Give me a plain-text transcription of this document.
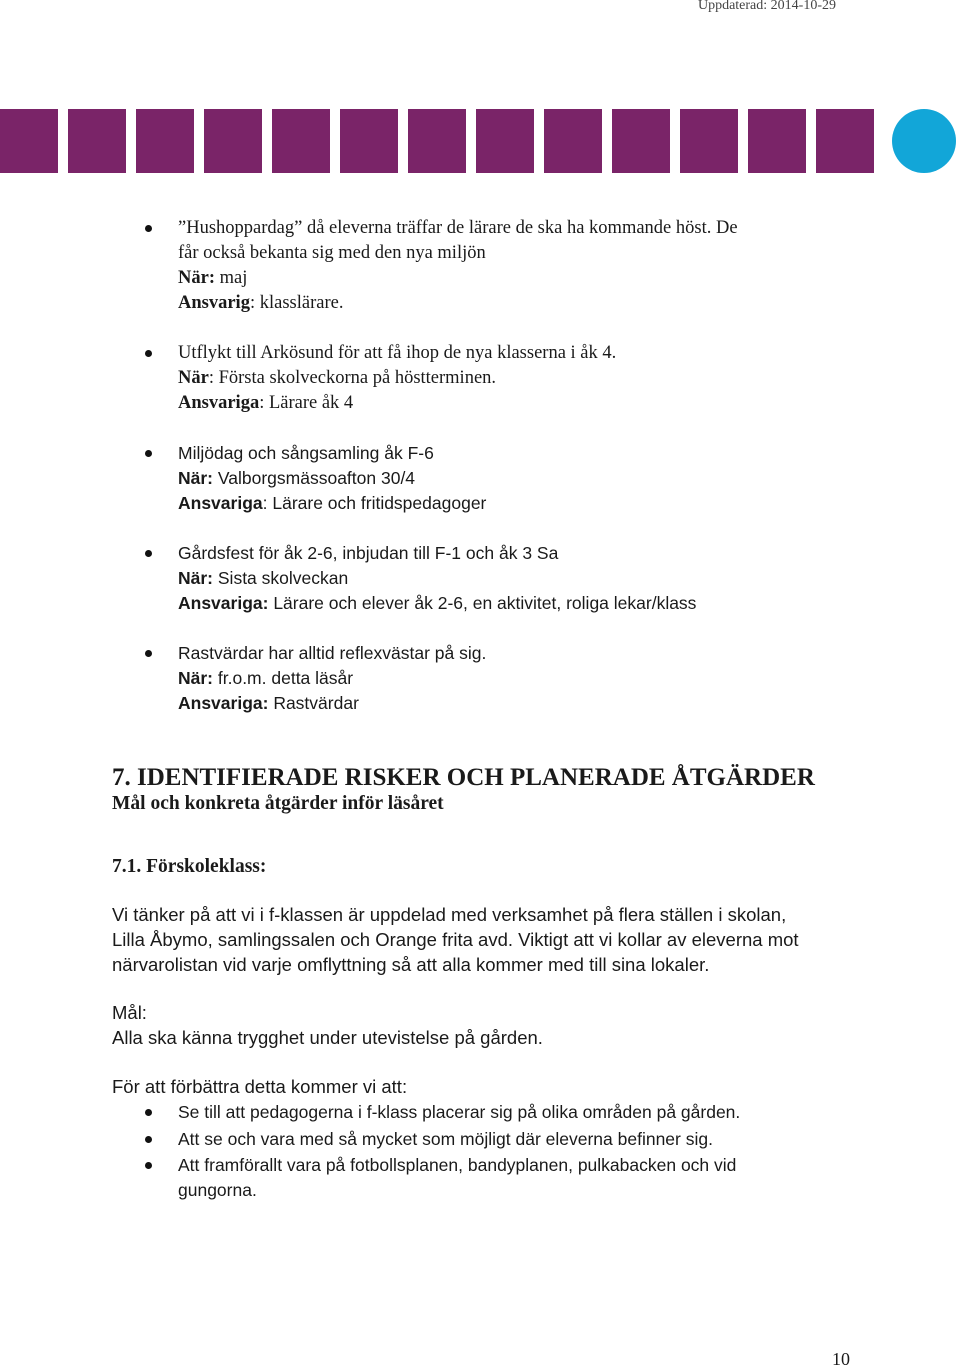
Uppdaterad: 2014-10-29
”Hushoppardag” då eleverna träffar de lärare de ska ha kommande höst. De
får också bekanta sig med den nya miljön
När: maj
Ansvarig: klasslärare.
Utflykt till Arkösund för att få ihop de nya klasserna i åk 4.
När: Första skolveckorna på höstterminen.
Ansvariga: Lärare åk 4
Miljödag och sångsamling åk F-6
När: Valborgsmässoafton 30/4
Ansvariga: Lärare och fritidspedagoger
Gårdsfest för åk 2-6, inbjudan till F-1 och åk 3 Sa
När: Sista skolveckan
Ansvariga: Lärare och elever åk 2-6, en aktivitet, roliga lekar/klass
Rastvärdar har alltid reflexvästar på sig.
När: fr.o.m. detta läsår
Ansvariga: Rastvärdar
7. IDENTIFIERADE RISKER OCH PLANERADE ÅTGÄRDER
Mål och konkreta åtgärder inför läsåret
7.1. Förskoleklass:
Vi tänker på att vi i f-klassen är uppdelad med verksamhet på flera ställen i skolan,
Lilla Åbymo, samlingssalen och Orange frita avd. Viktigt att vi kollar av eleverna mot
närvarolistan vid varje omflyttning så att alla kommer med till sina lokaler.
Mål:
Alla ska känna trygghet under utevistelse på gården.
För att förbättra detta kommer vi att:
Se till att pedagogerna i f-klass placerar sig på olika områden på gården.
Att se och vara med så mycket som möjligt där eleverna befinner sig.
Att framförallt vara på fotbollsplanen, bandyplanen, pulkabacken och vid
gungorna.
10
